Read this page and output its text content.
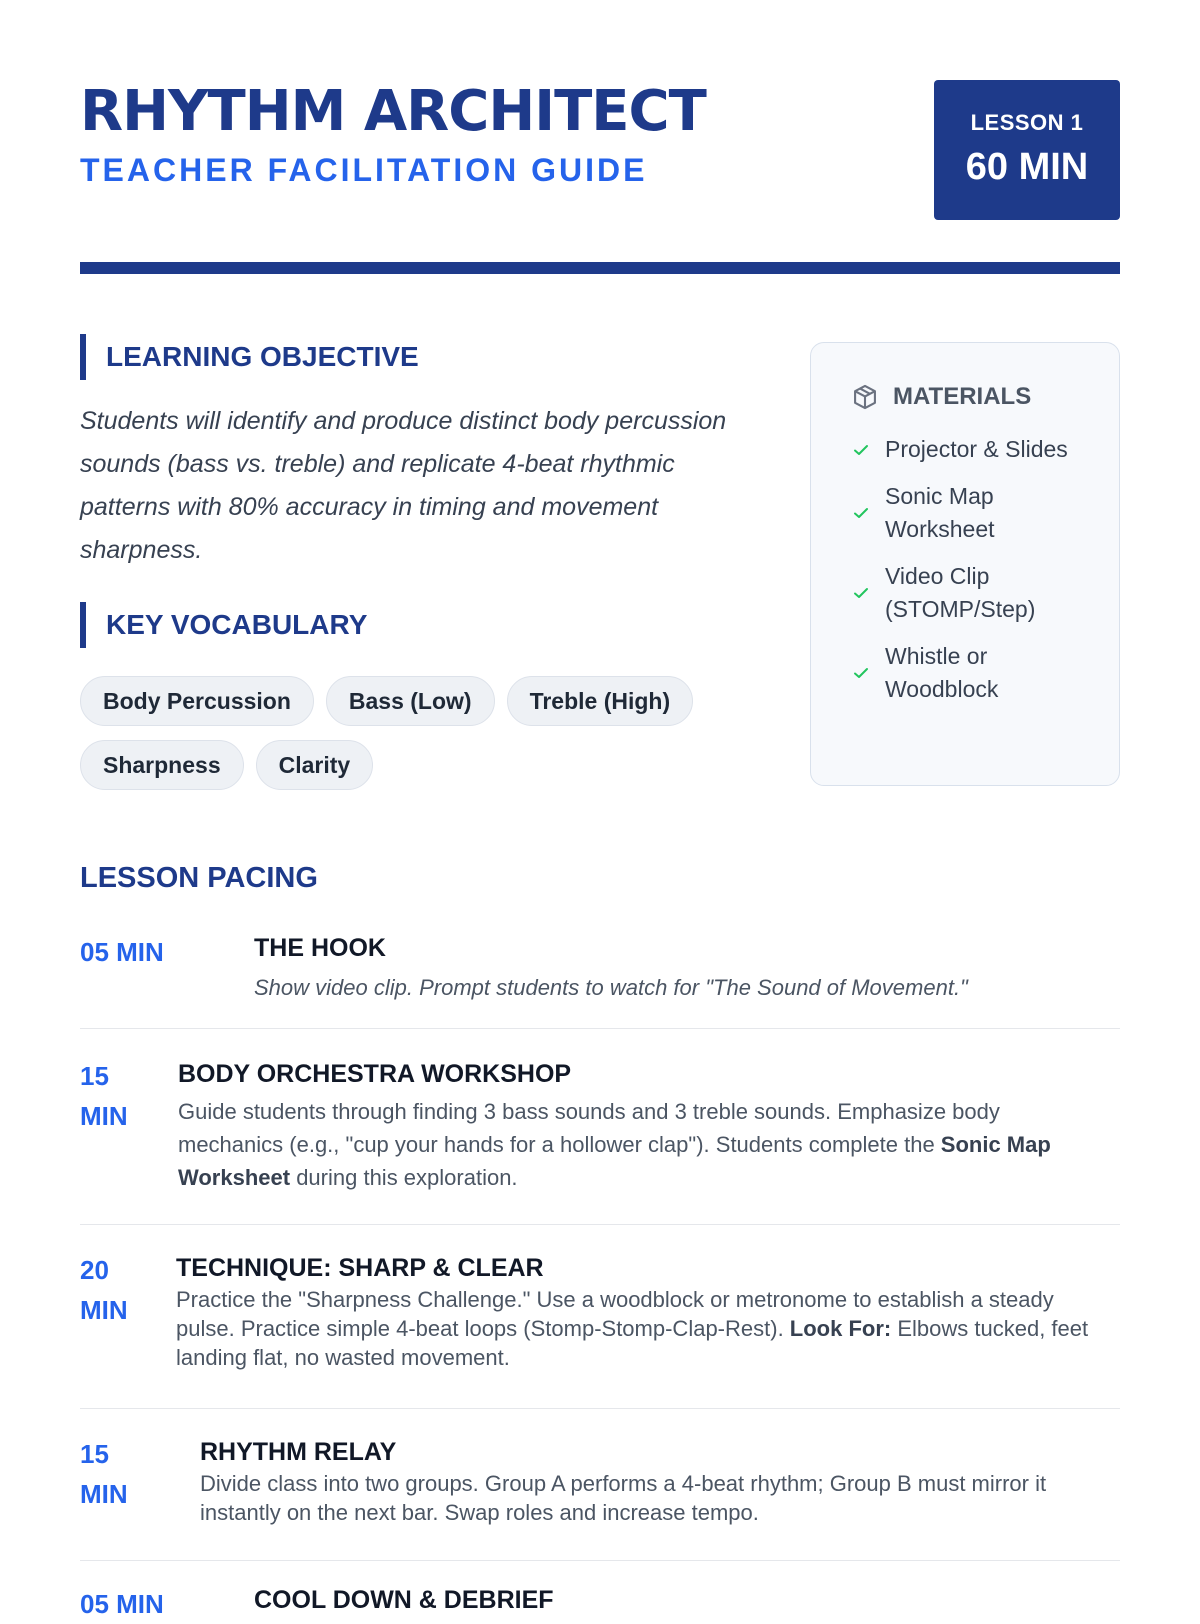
RHYTHM ARCHITECT
TEACHER FACILITATION GUIDE
LESSON 1
60 MIN
LEARNING OBJECTIVE
Students will identify and produce distinct body percussion sounds (bass vs. treble) and replicate 4-beat rhythmic patterns with 80% accuracy in timing and movement sharpness.
KEY VOCABULARY
Body Percussion	Bass (Low)	Treble (High)
Sharpness	Clarity
MATERIALS
Projector & Slides
Sonic Map Worksheet
Video Clip (STOMP/Step)
Whistle or Woodblock
LESSON PACING
05 MIN	THE HOOK
Show video clip. Prompt students to watch for "The Sound of Movement."
15 MIN
BODY ORCHESTRA WORKSHOP
Guide students through finding 3 bass sounds and 3 treble sounds. Emphasize body mechanics (e.g., "cup your hands for a hollower clap"). Students complete the Sonic Map Worksheet during this exploration.
20 MIN
TECHNIQUE: SHARP & CLEAR
Practice the "Sharpness Challenge." Use a woodblock or metronome to establish a steady pulse. Practice simple 4-beat loops (Stomp-Stomp-Clap-Rest). Look For: Elbows tucked, feet landing flat, no wasted movement.
15 MIN
RHYTHM RELAY
Divide class into two groups. Group A performs a 4-beat rhythm; Group B must mirror it instantly on the next bar. Swap roles and increase tempo.
05 MIN	COOL DOWN & DEBRIEF
